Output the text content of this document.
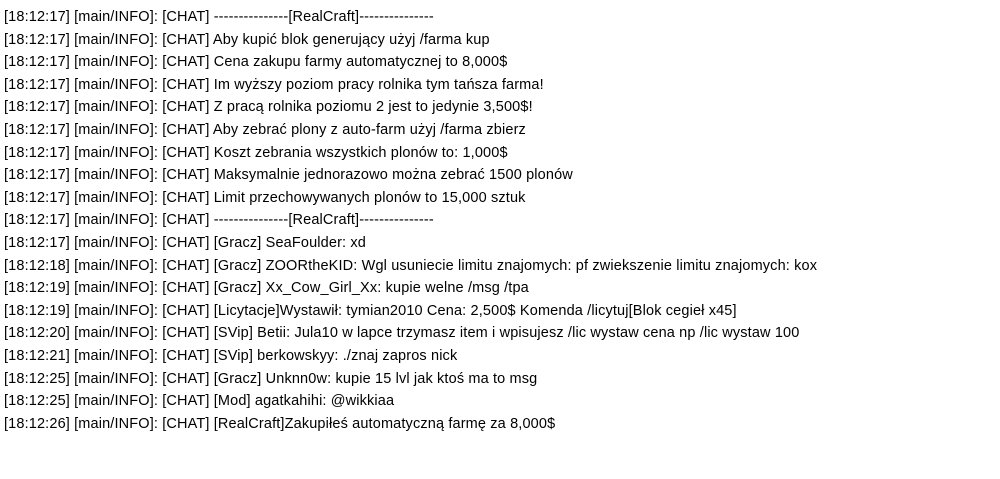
[18:12:17] [main/INFO]: [CHAT] ---------------[RealCraft]---------------
[18:12:17] [main/INFO]: [CHAT] Aby kupić blok generujący użyj /farma kup
[18:12:17] [main/INFO]: [CHAT] Cena zakupu farmy automatycznej to 8,000$
[18:12:17] [main/INFO]: [CHAT] Im wyższy poziom pracy rolnika tym tańsza farma!
[18:12:17] [main/INFO]: [CHAT] Z pracą rolnika poziomu 2 jest to jedynie 3,500$!
[18:12:17] [main/INFO]: [CHAT] Aby zebrać plony z auto-farm użyj /farma zbierz
[18:12:17] [main/INFO]: [CHAT] Koszt zebrania wszystkich plonów to: 1,000$
[18:12:17] [main/INFO]: [CHAT] Maksymalnie jednorazowo można zebrać 1500 plonów
[18:12:17] [main/INFO]: [CHAT] Limit przechowywanych plonów to 15,000 sztuk
[18:12:17] [main/INFO]: [CHAT] ---------------[RealCraft]---------------
[18:12:17] [main/INFO]: [CHAT] [Gracz] SeaFoulder: xd
[18:12:18] [main/INFO]: [CHAT] [Gracz] ZOORtheKID: Wgl usuniecie limitu znajomych: pf zwiekszenie limitu znajomych: kox
[18:12:19] [main/INFO]: [CHAT] [Gracz] Xx_Cow_Girl_Xx: kupie welne /msg /tpa
[18:12:19] [main/INFO]: [CHAT] [Licytacje]Wystawił: tymian2010 Cena: 2,500$ Komenda /licytuj[Blok cegieł x45]
[18:12:20] [main/INFO]: [CHAT] [SVip] Betii: Jula10 w lapce trzymasz item i wpisujesz /lic wystaw cena np /lic wystaw 100
[18:12:21] [main/INFO]: [CHAT] [SVip] berkowskyy: ./znaj zapros nick
[18:12:25] [main/INFO]: [CHAT] [Gracz] Unknn0w: kupie 15 lvl jak ktoś ma to msg
[18:12:25] [main/INFO]: [CHAT] [Mod] agatkahihi: @wikkiaa
[18:12:26] [main/INFO]: [CHAT] [RealCraft]Zakupiłeś automatyczną farmę za 8,000$
